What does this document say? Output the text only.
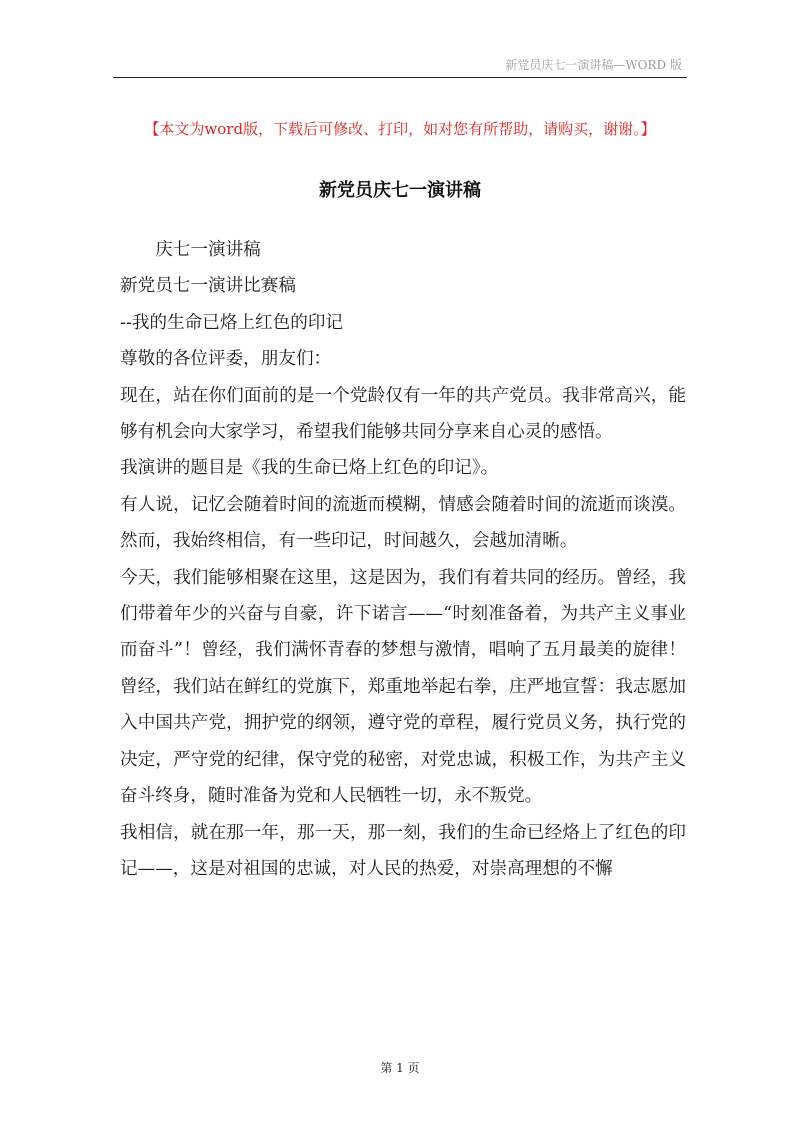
新党员庆七一演讲稿—WORD 版
【本文为word版，下载后可修改、打印，如对您有所帮助，请购买，谢谢。】
新党员庆七一演讲稿

庆七一演讲稿

新党员七一演讲比赛稿

--我的生命已烙上红色的印记

尊敬的各位评委，朋友们：

现在，站在你们面前的是一个党龄仅有一年的共产党员。我非常高兴，能够有机会向大家学习，希望我们能够共同分享来自心灵的感悟。

我演讲的题目是《我的生命已烙上红色的印记》。

有人说，记忆会随着时间的流逝而模糊，情感会随着时间的流逝而谈漠。然而，我始终相信，有一些印记，时间越久，会越加清晰。

今天，我们能够相聚在这里，这是因为，我们有着共同的经历。曾经，我们带着年少的兴奋与自豪，许下诺言——“时刻准备着，为共产主义事业而奋斗”！曾经，我们满怀青春的梦想与激情，唱响了五月最美的旋律！曾经，我们站在鲜红的党旗下，郑重地举起右拳，庄严地宣誓：我志愿加入中国共产党，拥护党的纲领，遵守党的章程，履行党员义务，执行党的决定，严守党的纪律，保守党的秘密，对党忠诚，积极工作，为共产主义奋斗终身，随时准备为党和人民牺牲一切，永不叛党。

我相信，就在那一年，那一天，那一刻，我们的生命已经烙上了红色的印记——，这是对祖国的忠诚，对人民的热爱，对崇高理想的不懈

第 1 页
